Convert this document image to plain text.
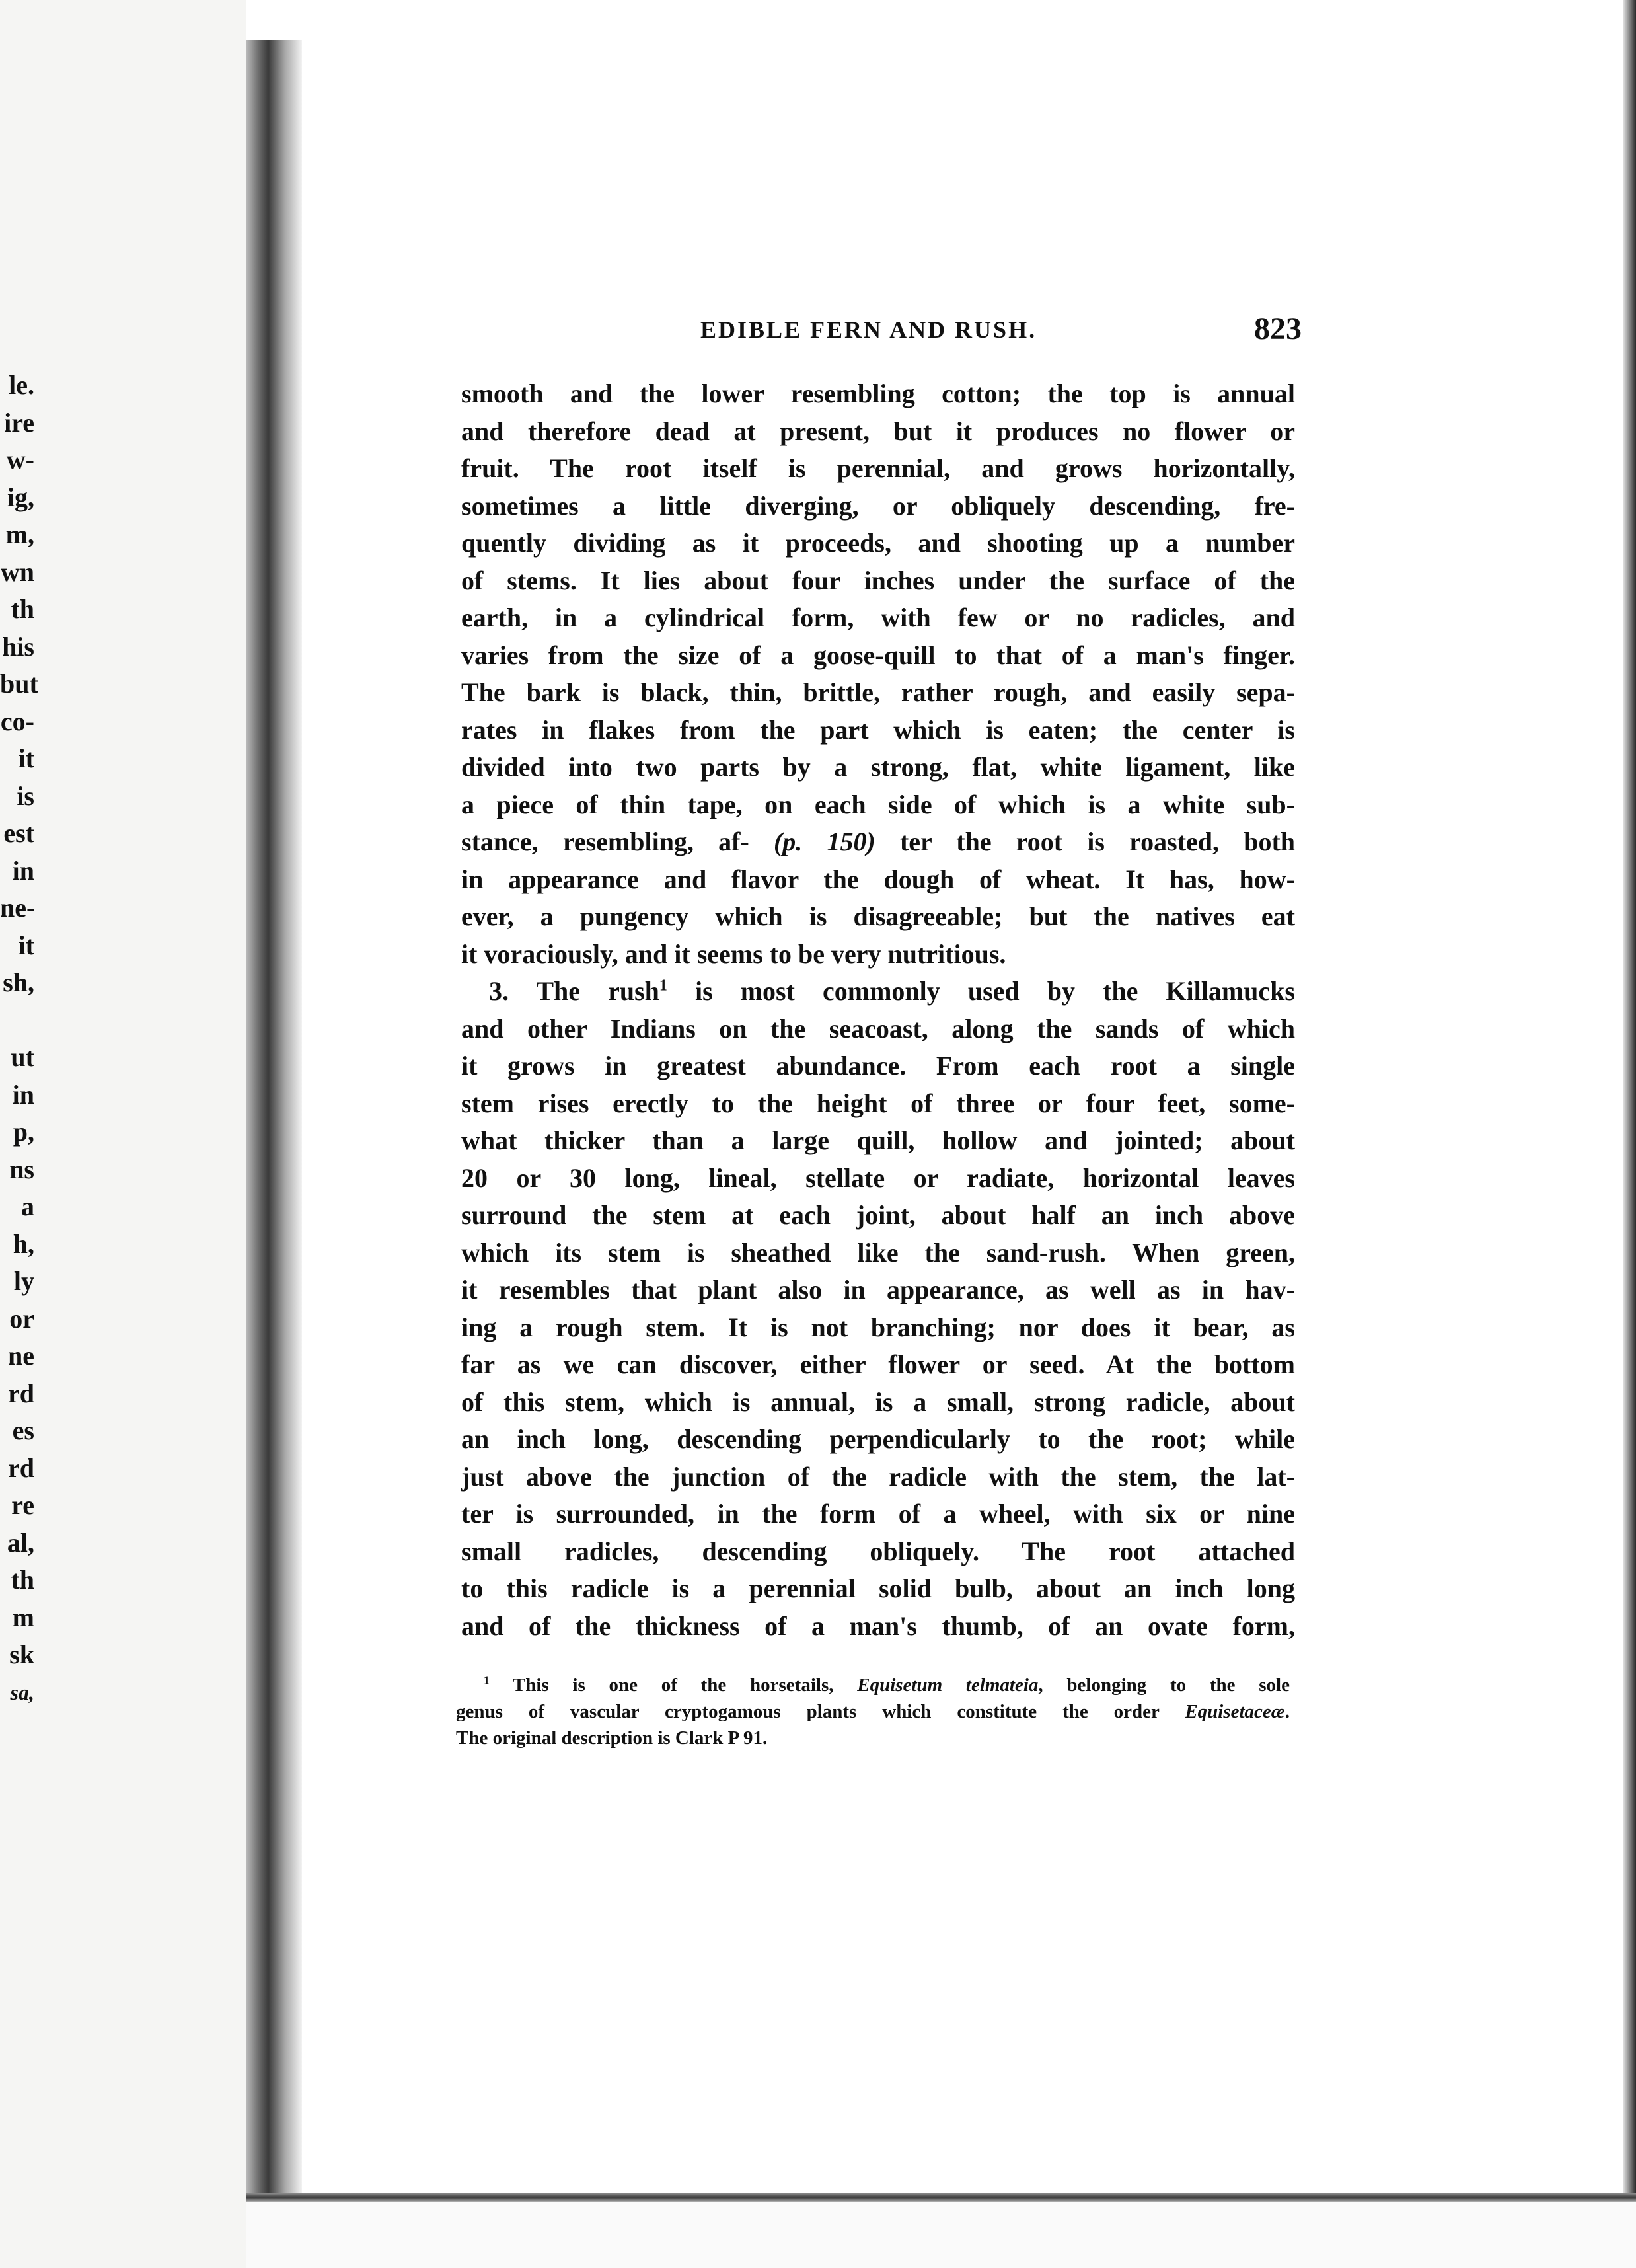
le.
ire
w-
ig,
m,
wn
th
his
but
co-
it
is
est
in
ne-
it
sh,
ut
in
p,
ns
a
h,
ly
or
ne
rd
es
rd
re
al,
th
m
sk
sa,
EDIBLE FERN AND RUSH.	823
smooth and the lower resembling cotton; the top is annual
and therefore dead at present, but it produces no flower or
fruit. The root itself is perennial, and grows horizontally,
sometimes a little diverging, or obliquely descending, fre-
quently dividing as it proceeds, and shooting up a number
of stems. It lies about four inches under the surface of the
earth, in a cylindrical form, with few or no radicles, and
varies from the size of a goose-quill to that of a man's finger.
The bark is black, thin, brittle, rather rough, and easily sepa-
rates in flakes from the part which is eaten; the center is
divided into two parts by a strong, flat, white ligament, like
a piece of thin tape, on each side of which is a white sub-
stance, resembling, af- (p. 150) ter the root is roasted, both
in appearance and flavor the dough of wheat. It has, how-
ever, a pungency which is disagreeable; but the natives eat
it voraciously, and it seems to be very nutritious.
3. The rush$^1$ is most commonly used by the Killamucks
and other Indians on the seacoast, along the sands of which
it grows in greatest abundance. From each root a single
stem rises erectly to the height of three or four feet, some-
what thicker than a large quill, hollow and jointed; about
20 or 30 long, lineal, stellate or radiate, horizontal leaves
surround the stem at each joint, about half an inch above
which its stem is sheathed like the sand-rush. When green,
it resembles that plant also in appearance, as well as in hav-
ing a rough stem. It is not branching; nor does it bear, as
far as we can discover, either flower or seed. At the bottom
of this stem, which is annual, is a small, strong radicle, about
an inch long, descending perpendicularly to the root; while
just above the junction of the radicle with the stem, the lat-
ter is surrounded, in the form of a wheel, with six or nine
small radicles, descending obliquely. The root attached
to this radicle is a perennial solid bulb, about an inch long
and of the thickness of a man's thumb, of an ovate form,
$^1$ This is one of the horsetails, Equisetum telmateia, belonging to the sole
genus of vascular cryptogamous plants which constitute the order Equisetaceæ.
The original description is Clark P 91.
